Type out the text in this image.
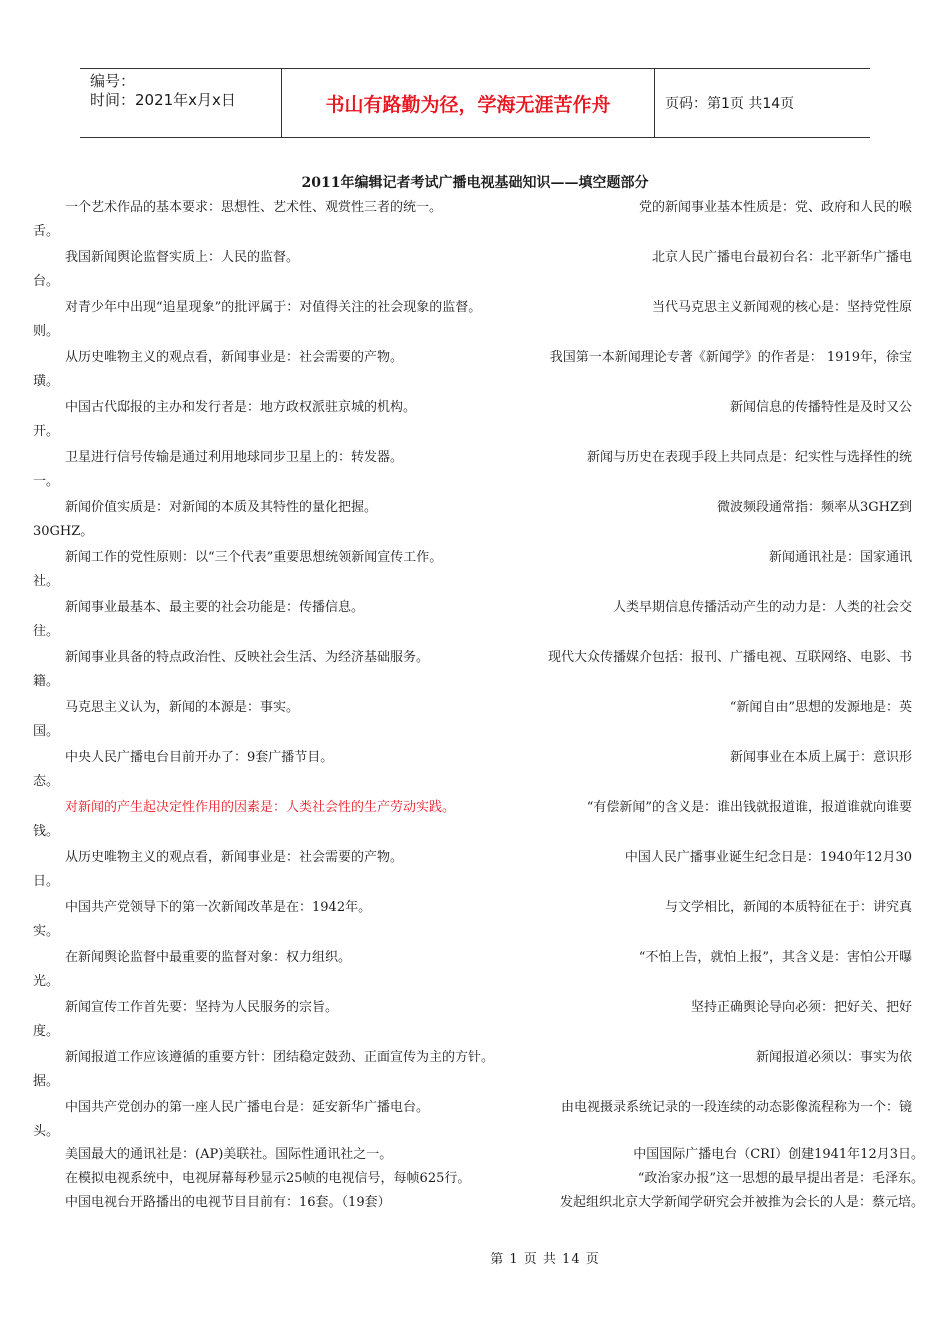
编号：
时间：2021年x月x日	书山有路勤为径，学海无涯苦作舟	页码：第1页 共14页
2011年编辑记者考试广播电视基础知识——填空题部分
一个艺术作品的基本要求：思想性、艺术性、观赏性三者的统一。	党的新闻事业基本性质是：党、政府和人民的喉
舌。
我国新闻舆论监督实质上：人民的监督。	北京人民广播电台最初台名：北平新华广播电
台。
对青少年中出现“追星现象”的批评属于：对值得关注的社会现象的监督。	当代马克思主义新闻观的核心是：坚持党性原
则。
从历史唯物主义的观点看，新闻事业是：社会需要的产物。	我国第一本新闻理论专著《新闻学》的作者是： 1919年，徐宝
璜。
中国古代邸报的主办和发行者是：地方政权派驻京城的机构。	新闻信息的传播特性是及时又公
开。
卫星进行信号传输是通过利用地球同步卫星上的：转发器。	新闻与历史在表现手段上共同点是：纪实性与选择性的统
一。
新闻价值实质是：对新闻的本质及其特性的量化把握。	微波频段通常指：频率从3GHZ到
30GHZ。
新闻工作的党性原则：以“三个代表”重要思想统领新闻宣传工作。	新闻通讯社是：国家通讯
社。
新闻事业最基本、最主要的社会功能是：传播信息。	人类早期信息传播活动产生的动力是：人类的社会交
往。
新闻事业具备的特点政治性、反映社会生活、为经济基础服务。	现代大众传播媒介包括：报刊、广播电视、互联网络、电影、书
籍。
马克思主义认为，新闻的本源是：事实。	“新闻自由”思想的发源地是：英
国。
中央人民广播电台目前开办了：9套广播节目。	新闻事业在本质上属于：意识形
态。
对新闻的产生起决定性作用的因素是：人类社会性的生产劳动实践。	“有偿新闻”的含义是：谁出钱就报道谁，报道谁就向谁要
钱。
从历史唯物主义的观点看，新闻事业是：社会需要的产物。	中国人民广播事业诞生纪念日是：1940年12月30
日。
中国共产党领导下的第一次新闻改革是在：1942年。	与文学相比，新闻的本质特征在于：讲究真
实。
在新闻舆论监督中最重要的监督对象：权力组织。	“不怕上告，就怕上报”，其含义是：害怕公开曝
光。
新闻宣传工作首先要：坚持为人民服务的宗旨。	坚持正确舆论导向必须：把好关、把好
度。
新闻报道工作应该遵循的重要方针：团结稳定鼓劲、正面宣传为主的方针。	新闻报道必须以：事实为依
据。
中国共产党创办的第一座人民广播电台是：延安新华广播电台。	由电视摄录系统记录的一段连续的动态影像流程称为一个：镜
头。
美国最大的通讯社是：(AP)美联社。国际性通讯社之一。	中国国际广播电台（CRI）创建1941年12月3日。
在模拟电视系统中，电视屏幕每秒显示25帧的电视信号，每帧625行。	“政治家办报”这一思想的最早提出者是：毛泽东。
中国电视台开路播出的电视节目目前有：16套。（19套）	发起组织北京大学新闻学研究会并被推为会长的人是：蔡元培。
第 1 页 共 14 页
